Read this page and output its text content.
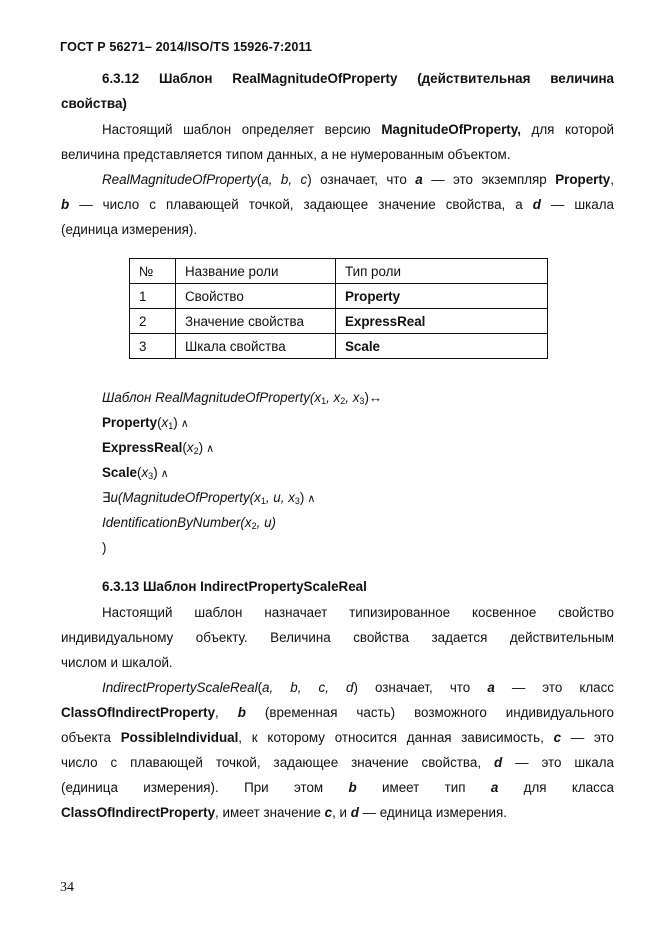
ГОСТ Р 56271– 2014/ISO/TS 15926-7:2011
6.3.12 Шаблон RealMagnitudeOfProperty (действительная величина
свойства)
Настоящий шаблон определяет версию MagnitudeOfProperty, для которой
величина представляется типом данных, а не нумерованным объектом.
RealMagnitudeOfProperty(a, b, c) означает, что a — это экземпляр Property,
b — число с плавающей точкой, задающее значение свойства, а d — шкала
(единица измерения).
№	Название роли	Тип роли
1	Свойство	Property
2	Значение свойства	ExpressReal
3	Шкала свойства	Scale
Шаблон $RealMagnitudeOfProperty(x_1$, $x_2$, $x_3)\leftrightarrow$
$Property(x_1)$ ∧
$ExpressReal(x_2)$ ∧
$Scale(x_3)$ ∧
$\exists u(MagnitudeOfProperty(x_1$, u, $x_3$) ∧
$IdentificationByNumber(x_2$, u)
)
6.3.13 Шаблон IndirectPropertyScaleReal
Настоящий шаблон назначает типизированное косвенное свойство
индивидуальному объекту. Величина свойства задается действительным
числом и шкалой.
IndirectPropertyScaleReal(a, b, c, d) означает, что a — это класс
ClassOfIndirectProperty, b (временная часть) возможного индивидуального
объекта PossibleIndividual, к которому относится данная зависимость, c — это
число с плавающей точкой, задающее значение свойства, d — это шкала
(единица измерения). При этом b имеет тип a для класса
ClassOfIndirectProperty, имеет значение c, и d — единица измерения.
34
